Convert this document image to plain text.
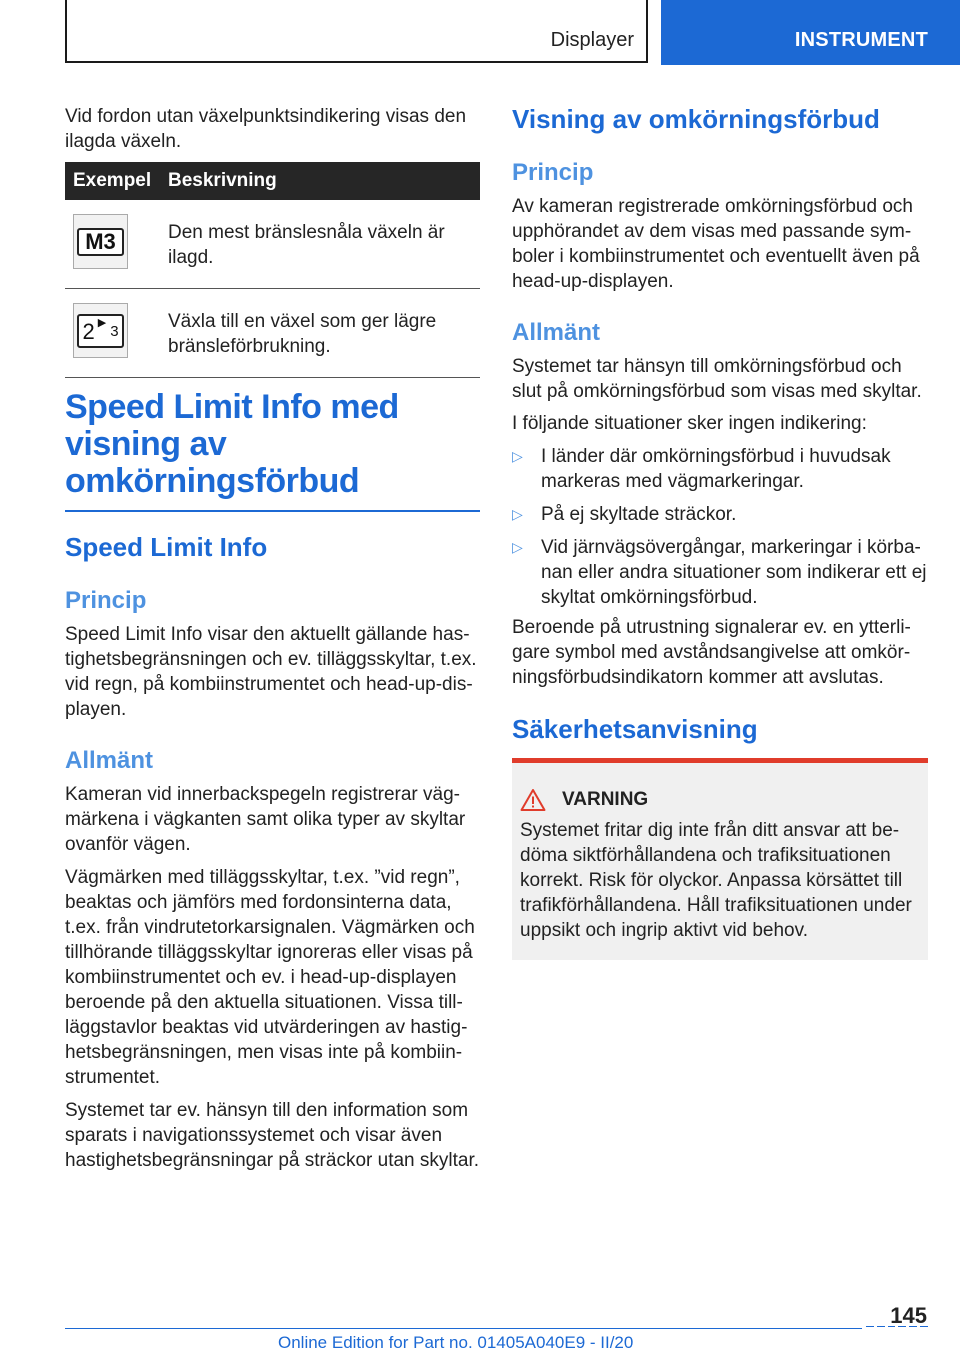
Displayer	INSTRUMENT

Vid fordon utan växelpunktsindikering visas den ilagda växeln.

Exempel	Beskrivning

M3	Den mest bränslesnåla växeln är ilagd.

2 ▶ 3	Växla till en växel som ger lägre bränsleförbrukning.
Speed Limit Info med visning av omkörningsförbud
Speed Limit Info
Princip

Speed Limit Info visar den aktuellt gällande hastighetsbegränsningen och ev. tilläggsskyltar, t.ex. vid regn, på kombiinstrumentet och head-up-displayen.

Allmänt

Kameran vid innerbackspegeln registrerar vägmärkena i vägkanten samt olika typer av skyltar ovanför vägen.

Vägmärken med tilläggsskyltar, t.ex. ”vid regn”, beaktas och jämförs med fordonsinterna data, t.ex. från vindrutetorkarsignalen. Vägmärken och tillhörande tilläggsskyltar ignoreras eller visas på kombiinstrumentet och ev. i head-up-displayen beroende på den aktuella situationen. Vissa tillläggstavlor beaktas vid utvärderingen av hastighetsbegränsningen, men visas inte på kombiinstrumentet.

Systemet tar ev. hänsyn till den information som sparats i navigationssystemet och visar även hastighetsbegränsningar på sträckor utan skyltar.

Visning av omkörningsförbud
Princip

Av kameran registrerade omkörningsförbud och upphörandet av dem visas med passande symboler i kombiinstrumentet och eventuellt även på head-up-displayen.

Allmänt

Systemet tar hänsyn till omkörningsförbud och slut på omkörningsförbud som visas med skyltar.

I följande situationer sker ingen indikering:

▷ I länder där omkörningsförbud i huvudsak markeras med vägmarkeringar.
▷ På ej skyltade sträckor.
▷ Vid järnvägsövergångar, markeringar i körbanan eller andra situationer som indikerar ett ej skyltat omkörningsförbud.

Beroende på utrustning signalerar ev. en ytterligare symbol med avståndsangivelse att omkörningsförbudsindikatorn kommer att avslutas.

Säkerhetsanvisning
VARNING

Systemet fritar dig inte från ditt ansvar att bedöma siktförhållandena och trafiksituationen korrekt. Risk för olyckor. Anpassa körsättet till trafikförhållandena. Håll trafiksituationen under uppsikt och ingrip aktivt vid behov.

145
Online Edition for Part no. 01405A040E9 - II/20
